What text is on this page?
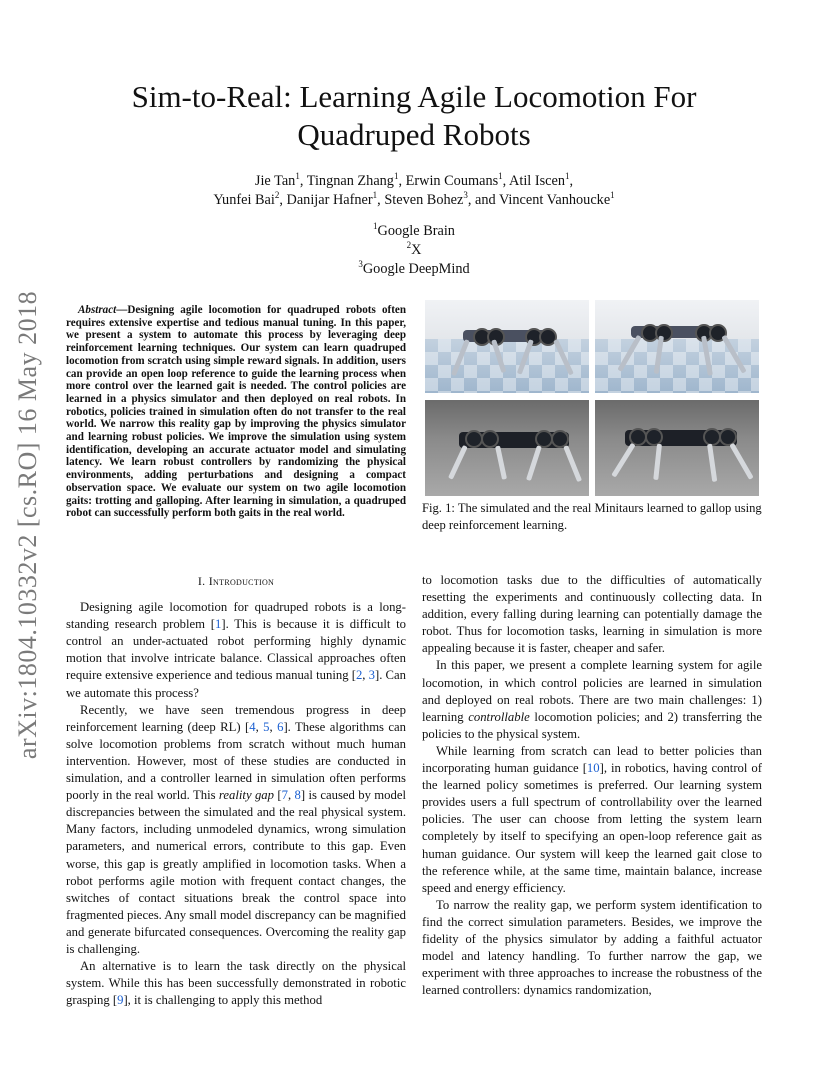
arXiv:1804.10332v2 [cs.RO] 16 May 2018
Sim-to-Real: Learning Agile Locomotion For
Quadruped Robots
Jie Tan$^1$, Tingnan Zhang$^1$, Erwin Coumans$^1$, Atil Iscen$^1$,
Yunfei Bai$^2$, Danijar Hafner$^1$, Steven Bohez$^3$, and Vincent Vanhoucke$^1$
$^1$Google Brain
$^2$X
$^3$Google DeepMind

Abstract—Designing agile locomotion for quadruped robots often requires extensive expertise and tedious manual tuning. In this paper, we present a system to automate this process by leveraging deep reinforcement learning techniques. Our system can learn quadruped locomotion from scratch using simple reward signals. In addition, users can provide an open loop reference to guide the learning process when more control over the learned gait is needed. The control policies are learned in a physics simulator and then deployed on real robots. In robotics, policies trained in simulation often do not transfer to the real world. We narrow this reality gap by improving the physics simulator and learning robust policies. We improve the simulation using system identification, developing an accurate actuator model and simulating latency. We learn robust controllers by randomizing the physical environments, adding perturbations and designing a compact observation space. We evaluate our system on two agile locomotion gaits: trotting and galloping. After learning in simulation, a quadruped robot can successfully perform both gaits in the real world.	Fig. 1: The simulated and the real Minitaurs learned to gallop using deep reinforcement learning.

I. Introduction

Designing agile locomotion for quadruped robots is a long-standing research problem [1]. This is because it is difficult to control an under-actuated robot performing highly dynamic motion that involve intricate balance. Classical approaches often require extensive experience and tedious manual tuning [2, 3]. Can we automate this process?

Recently, we have seen tremendous progress in deep reinforcement learning (deep RL) [4, 5, 6]. These algorithms can solve locomotion problems from scratch without much human intervention. However, most of these studies are conducted in simulation, and a controller learned in simulation often performs poorly in the real world. This reality gap [7, 8] is caused by model discrepancies between the simulated and the real physical system. Many factors, including unmodeled dynamics, wrong simulation parameters, and numerical errors, contribute to this gap. Even worse, this gap is greatly amplified in locomotion tasks. When a robot performs agile motion with frequent contact changes, the switches of contact situations break the control space into fragmented pieces. Any small model discrepancy can be magnified and generate bifurcated consequences. Overcoming the reality gap is challenging.

An alternative is to learn the task directly on the physical system. While this has been successfully demonstrated in robotic grasping [9], it is challenging to apply this method

to locomotion tasks due to the difficulties of automatically resetting the experiments and continuously collecting data. In addition, every falling during learning can potentially damage the robot. Thus for locomotion tasks, learning in simulation is more appealing because it is faster, cheaper and safer.

In this paper, we present a complete learning system for agile locomotion, in which control policies are learned in simulation and deployed on real robots. There are two main challenges: 1) learning controllable locomotion policies; and 2) transferring the policies to the physical system.

While learning from scratch can lead to better policies than incorporating human guidance [10], in robotics, having control of the learned policy sometimes is preferred. Our learning system provides users a full spectrum of controllability over the learned policies. The user can choose from letting the system learn completely by itself to specifying an open-loop reference gait as human guidance. Our system will keep the learned gait close to the reference while, at the same time, maintain balance, increase speed and energy efficiency.

To narrow the reality gap, we perform system identification to find the correct simulation parameters. Besides, we improve the fidelity of the physics simulator by adding a faithful actuator model and latency handling. To further narrow the gap, we experiment with three approaches to increase the robustness of the learned controllers: dynamics randomization,
